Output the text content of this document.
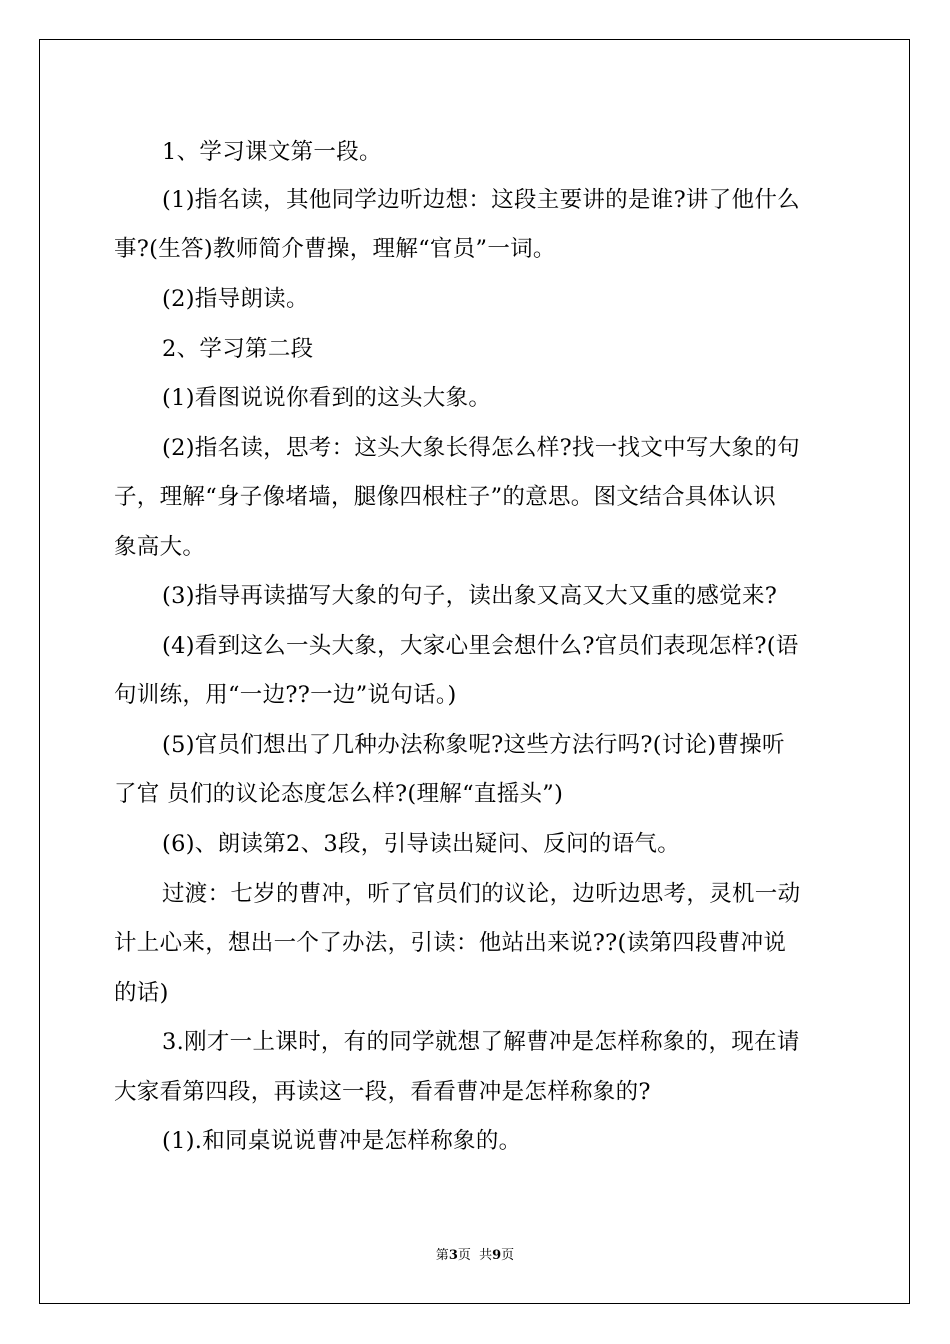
1、学习课文第一段。
(1)指名读，其他同学边听边想：这段主要讲的是谁?讲了他什么
事?(生答)教师简介曹操，理解“官员”一词。
(2)指导朗读。
2、学习第二段
(1)看图说说你看到的这头大象。
(2)指名读，思考：这头大象长得怎么样?找一找文中写大象的句
子，理解“身子像堵墙，腿像四根柱子”的意思。图文结合具体认识
象高大。
(3)指导再读描写大象的句子，读出象又高又大又重的感觉来?
(4)看到这么一头大象，大家心里会想什么?官员们表现怎样?(语
句训练，用“一边??一边”说句话。)
(5)官员们想出了几种办法称象呢?这些方法行吗?(讨论)曹操听
了官 员们的议论态度怎么样?(理解“直摇头”)
(6)、朗读第2、3段，引导读出疑问、反问的语气。
过渡：七岁的曹冲，听了官员们的议论，边听边思考，灵机一动
计上心来，想出一个了办法，引读：他站出来说??(读第四段曹冲说
的话)
3.刚才一上课时，有的同学就想了解曹冲是怎样称象的，现在请
大家看第四段，再读这一段，看看曹冲是怎样称象的?
(1).和同桌说说曹冲是怎样称象的。
第3页  共9页
